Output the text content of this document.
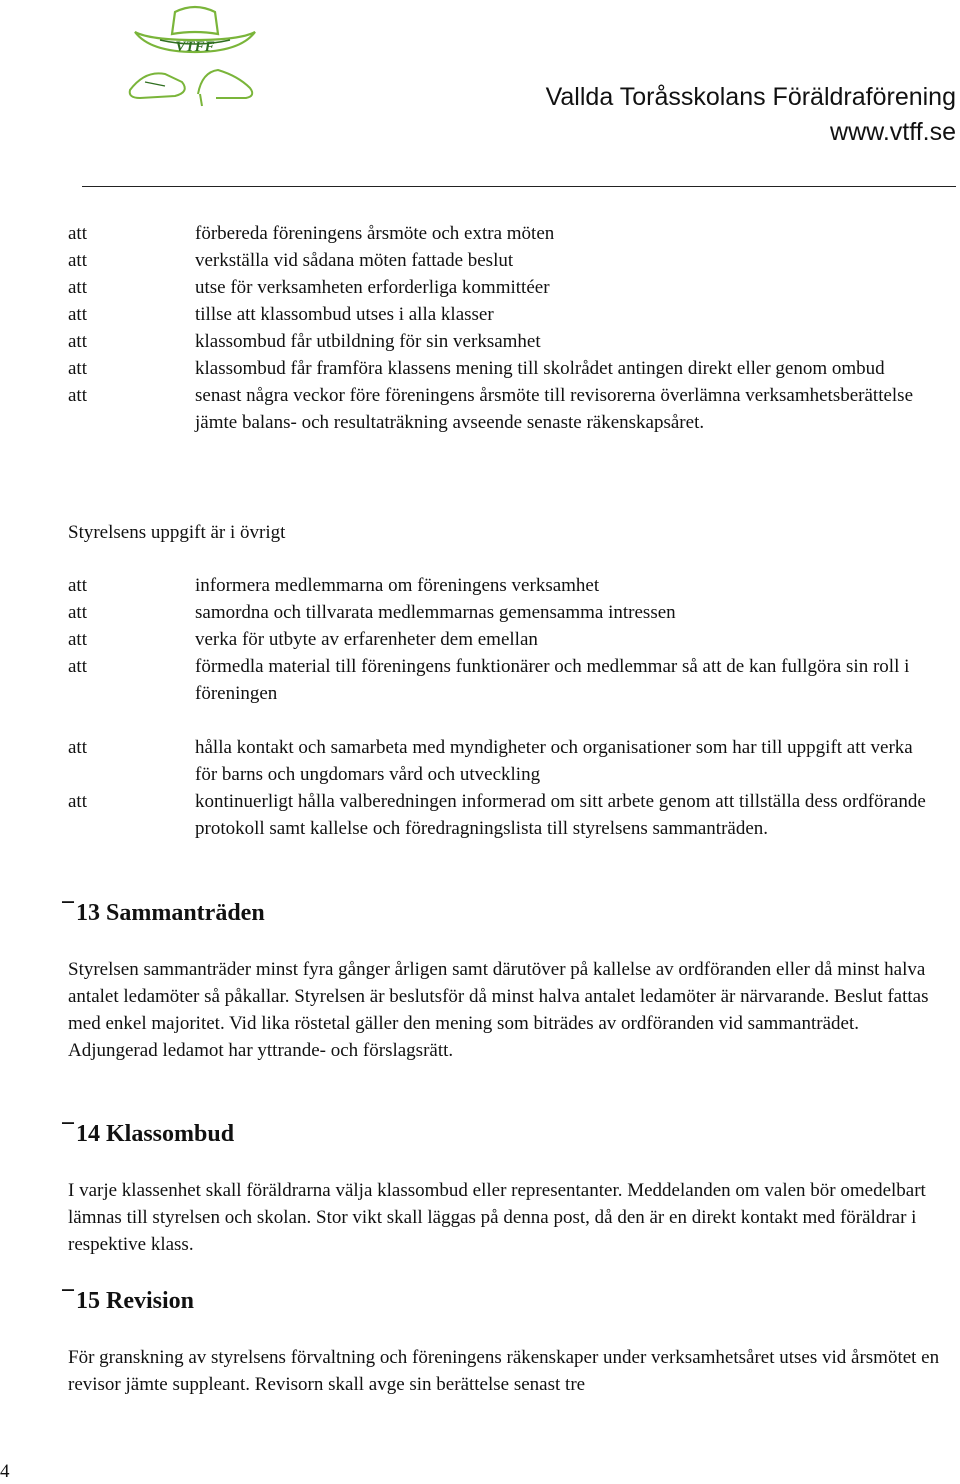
VTFF
Vallda Toråsskolans Föräldraförening
www.vtff.se
att	förbereda föreningens årsmöte och extra möten
att	verkställa vid sådana möten fattade beslut
att	utse för verksamheten erforderliga kommittéer
att	tillse att klassombud utses i alla klasser
att	klassombud får utbildning för sin verksamhet
att	klassombud får framföra klassens mening till skolrådet antingen direkt eller genom ombud
att	senast några veckor före föreningens årsmöte till revisorerna överlämna verksamhetsberättelse jämte balans- och resultaträkning avseende senaste räkenskapsåret.

Styrelsens uppgift är i övrigt

att	informera medlemmarna om föreningens verksamhet
att	samordna och tillvarata medlemmarnas gemensamma intressen
att	verka för utbyte av erfarenheter dem emellan
att	förmedla material till föreningens funktionärer och medlemmar så att de kan fullgöra sin roll i föreningen
att	hålla kontakt och samarbeta med myndigheter och organisationer som har till uppgift att verka för barns och ungdomars vård och utveckling
att	kontinuerligt hålla valberedningen informerad om sitt arbete genom att tillställa dess ordförande protokoll samt kallelse och föredragningslista till styrelsens sammanträden.
13 Sammanträden

Styrelsen sammanträder minst fyra gånger årligen samt därutöver på kallelse av ordföranden eller då minst halva antalet ledamöter så påkallar. Styrelsen är beslutsför då minst halva antalet ledamöter är närvarande. Beslut fattas med enkel majoritet. Vid lika röstetal gäller den mening som biträdes av ordföranden vid sammanträdet. Adjungerad ledamot har yttrande- och förslagsrätt.

14 Klassombud

I varje klassenhet skall föräldrarna välja klassombud eller representanter. Meddelanden om valen bör omedelbart lämnas till styrelsen och skolan. Stor vikt skall läggas på denna post, då den är en direkt kontakt med föräldrar i respektive klass.

15 Revision

För granskning av styrelsens förvaltning och föreningens räkenskaper under verksamhetsåret utses vid årsmötet en revisor jämte suppleant. Revisorn skall avge sin berättelse senast tre

4
